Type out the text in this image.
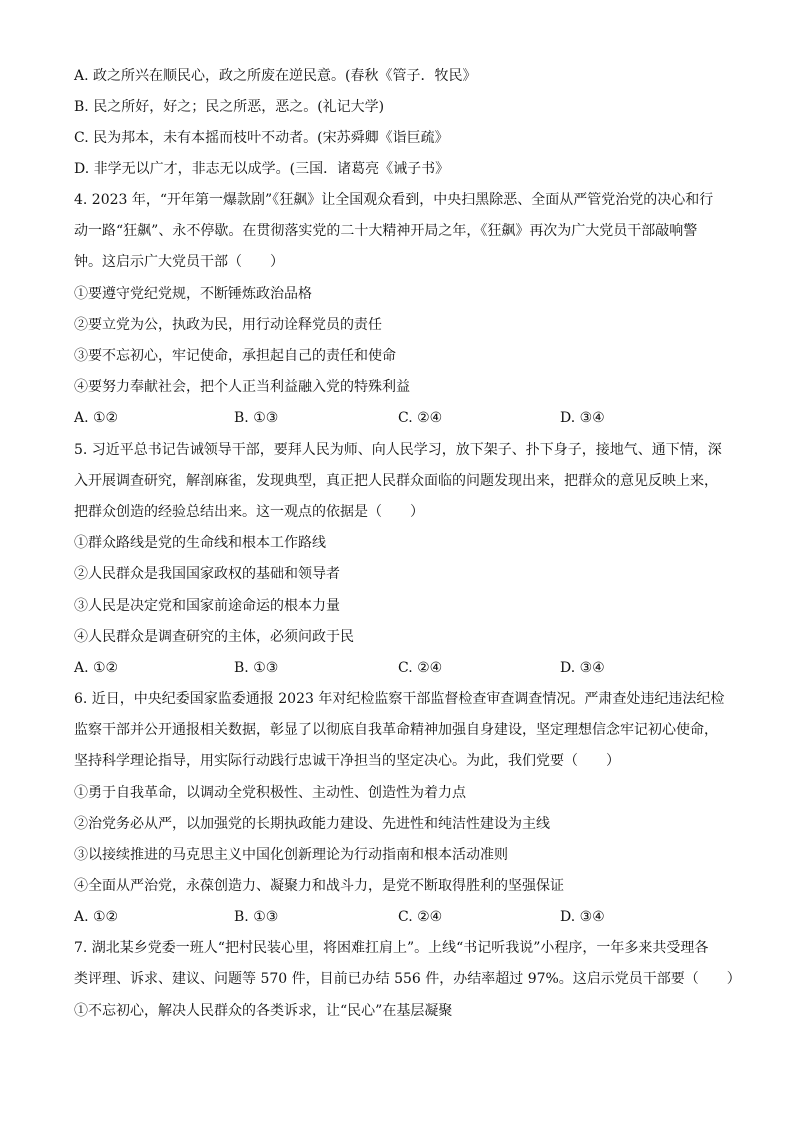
A. 政之所兴在顺民心，政之所废在逆民意。(春秋《管子．牧民》
B. 民之所好，好之；民之所恶，恶之。(礼记大学)
C. 民为邦本，未有本摇而枝叶不动者。(宋苏舜卿《诣巨疏》
D. 非学无以广才，非志无以成学。(三国．诸葛亮《诫子书》
4. 2023 年，“开年第一爆款剧”《狂飙》让全国观众看到，中央扫黑除恶、全面从严管党治党的决心和行
动一路“狂飙”、永不停歇。在贯彻落实党的二十大精神开局之年，《狂飙》再次为广大党员干部敲响警
钟。这启示广大党员干部（　　）
①要遵守党纪党规，不断锤炼政治品格
②要立党为公，执政为民，用行动诠释党员的责任
③要不忘初心，牢记使命，承担起自己的责任和使命
④要努力奉献社会，把个人正当利益融入党的特殊利益
A. ①②	B. ①③	C. ②④	D. ③④
5. 习近平总书记告诫领导干部，要拜人民为师、向人民学习，放下架子、扑下身子，接地气、通下情，深
入开展调查研究，解剖麻雀，发现典型，真正把人民群众面临的问题发现出来，把群众的意见反映上来，
把群众创造的经验总结出来。这一观点的依据是（　　）
①群众路线是党的生命线和根本工作路线
②人民群众是我国国家政权的基础和领导者
③人民是决定党和国家前途命运的根本力量
④人民群众是调查研究的主体，必须问政于民
A. ①②	B. ①③	C. ②④	D. ③④
6. 近日，中央纪委国家监委通报 2023 年对纪检监察干部监督检查审查调查情况。严肃查处违纪违法纪检
监察干部并公开通报相关数据，彰显了以彻底自我革命精神加强自身建设，坚定理想信念牢记初心使命，
坚持科学理论指导，用实际行动践行忠诚干净担当的坚定决心。为此，我们党要（　　）
①勇于自我革命，以调动全党积极性、主动性、创造性为着力点
②治党务必从严，以加强党的长期执政能力建设、先进性和纯洁性建设为主线
③以接续推进的马克思主义中国化创新理论为行动指南和根本活动准则
④全面从严治党，永葆创造力、凝聚力和战斗力，是党不断取得胜利的坚强保证
A. ①②	B. ①③	C. ②④	D. ③④
7. 湖北某乡党委一班人“把村民装心里，将困难扛肩上”。上线“书记听我说”小程序，一年多来共受理各
类评理、诉求、建议、问题等 570 件，目前已办结 556 件，办结率超过 97%。这启示党员干部要（　　）
①不忘初心，解决人民群众的各类诉求，让“民心”在基层凝聚
